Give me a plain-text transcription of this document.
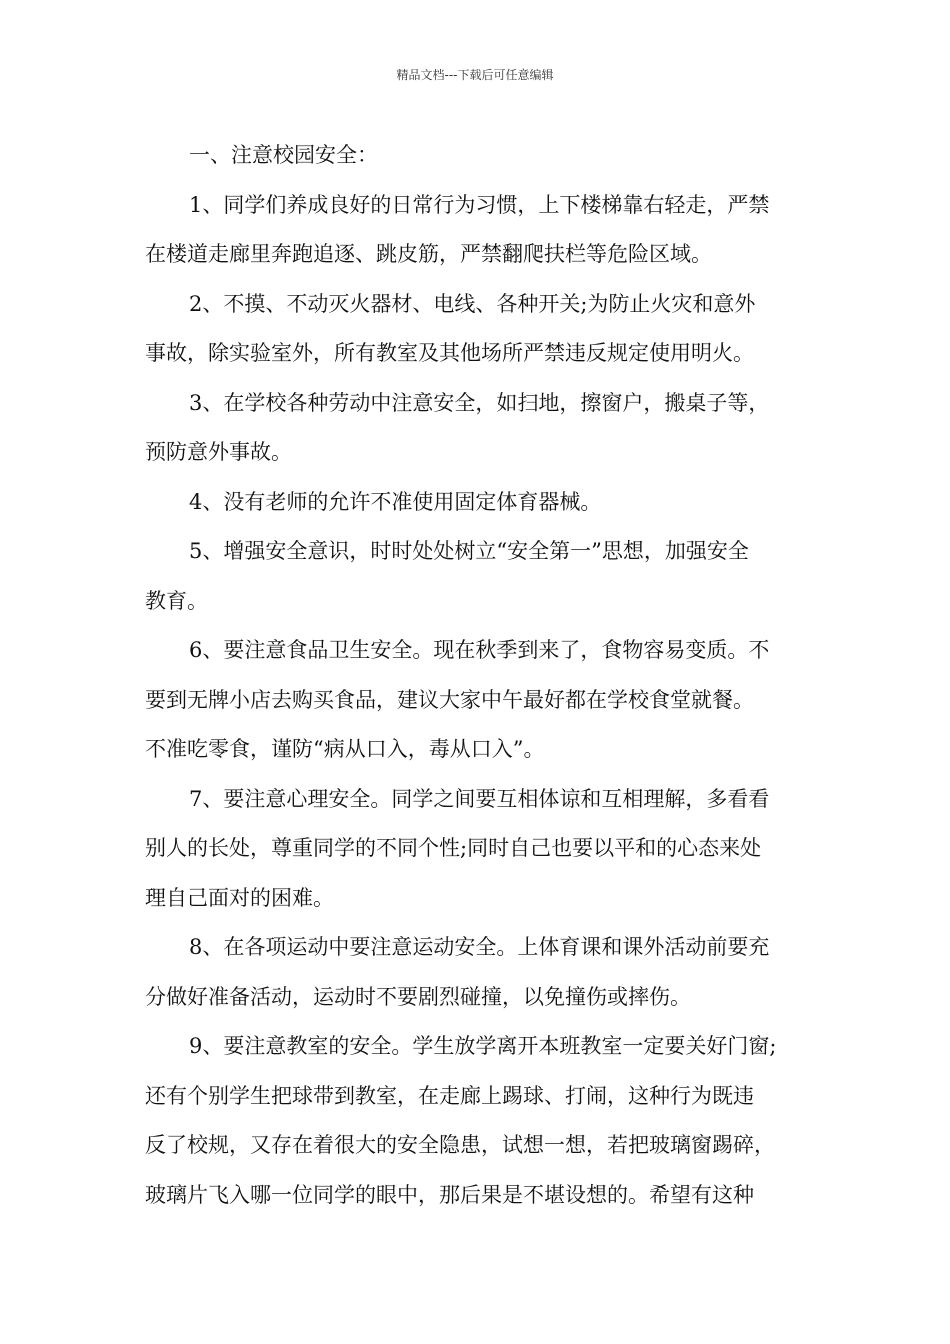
精品文档---下载后可任意编辑
一、注意校园安全：
1、同学们养成良好的日常行为习惯，上下楼梯靠右轻走，严禁
在楼道走廊里奔跑追逐、跳皮筋，严禁翻爬扶栏等危险区域。
2、不摸、不动灭火器材、电线、各种开关;为防止火灾和意外
事故，除实验室外，所有教室及其他场所严禁违反规定使用明火。
3、在学校各种劳动中注意安全，如扫地，擦窗户，搬桌子等，
预防意外事故。
4、没有老师的允许不准使用固定体育器械。
5、增强安全意识，时时处处树立“安全第一”思想，加强安全
教育。
6、要注意食品卫生安全。现在秋季到来了，食物容易变质。不
要到无牌小店去购买食品，建议大家中午最好都在学校食堂就餐。
不准吃零食，谨防“病从口入，毒从口入”。
7、要注意心理安全。同学之间要互相体谅和互相理解，多看看
别人的长处，尊重同学的不同个性;同时自己也要以平和的心态来处
理自己面对的困难。
8、在各项运动中要注意运动安全。上体育课和课外活动前要充
分做好准备活动，运动时不要剧烈碰撞，以免撞伤或摔伤。
9、要注意教室的安全。学生放学离开本班教室一定要关好门窗;
还有个别学生把球带到教室，在走廊上踢球、打闹，这种行为既违
反了校规，又存在着很大的安全隐患，试想一想，若把玻璃窗踢碎，
玻璃片飞入哪一位同学的眼中，那后果是不堪设想的。希望有这种
